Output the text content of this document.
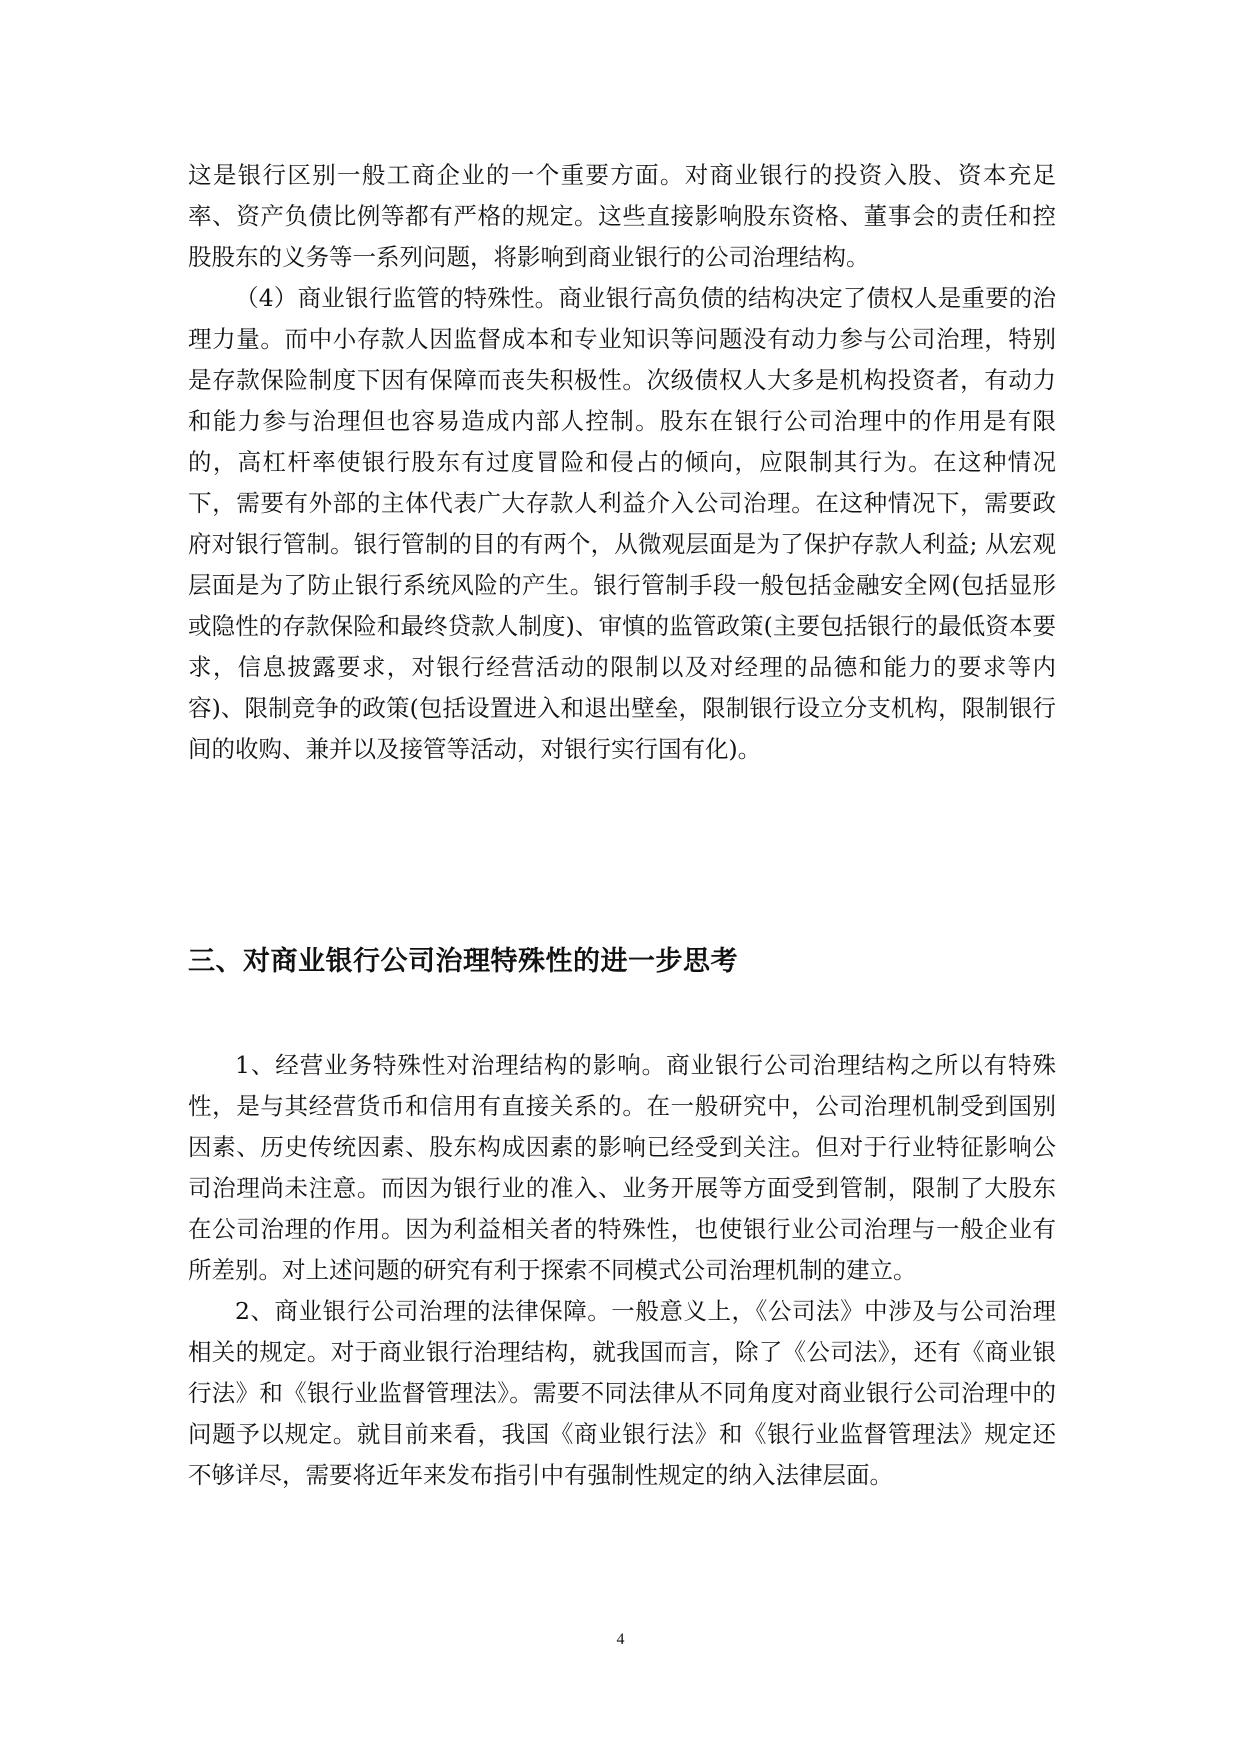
这是银行区别一般工商企业的一个重要方面。对商业银行的投资入股、资本充足率、资产负债比例等都有严格的规定。这些直接影响股东资格、董事会的责任和控股股东的义务等一系列问题，将影响到商业银行的公司治理结构。

（4）商业银行监管的特殊性。商业银行高负债的结构决定了债权人是重要的治理力量。而中小存款人因监督成本和专业知识等问题没有动力参与公司治理，特别是存款保险制度下因有保障而丧失积极性。次级债权人大多是机构投资者，有动力和能力参与治理但也容易造成内部人控制。股东在银行公司治理中的作用是有限的，高杠杆率使银行股东有过度冒险和侵占的倾向，应限制其行为。在这种情况下，需要有外部的主体代表广大存款人利益介入公司治理。在这种情况下，需要政府对银行管制。银行管制的目的有两个，从微观层面是为了保护存款人利益; 从宏观层面是为了防止银行系统风险的产生。银行管制手段一般包括金融安全网(包括显形或隐性的存款保险和最终贷款人制度)、审慎的监管政策(主要包括银行的最低资本要求，信息披露要求，对银行经营活动的限制以及对经理的品德和能力的要求等内容)、限制竞争的政策(包括设置进入和退出壁垒，限制银行设立分支机构，限制银行间的收购、兼并以及接管等活动，对银行实行国有化)。

三、对商业银行公司治理特殊性的进一步思考

1、经营业务特殊性对治理结构的影响。商业银行公司治理结构之所以有特殊性，是与其经营货币和信用有直接关系的。在一般研究中，公司治理机制受到国别因素、历史传统因素、股东构成因素的影响已经受到关注。但对于行业特征影响公司治理尚未注意。而因为银行业的准入、业务开展等方面受到管制，限制了大股东在公司治理的作用。因为利益相关者的特殊性，也使银行业公司治理与一般企业有所差别。对上述问题的研究有利于探索不同模式公司治理机制的建立。

2、商业银行公司治理的法律保障。一般意义上，《公司法》中涉及与公司治理相关的规定。对于商业银行治理结构，就我国而言，除了《公司法》，还有《商业银行法》和《银行业监督管理法》。需要不同法律从不同角度对商业银行公司治理中的问题予以规定。就目前来看，我国《商业银行法》和《银行业监督管理法》规定还不够详尽，需要将近年来发布指引中有强制性规定的纳入法律层面。

4
